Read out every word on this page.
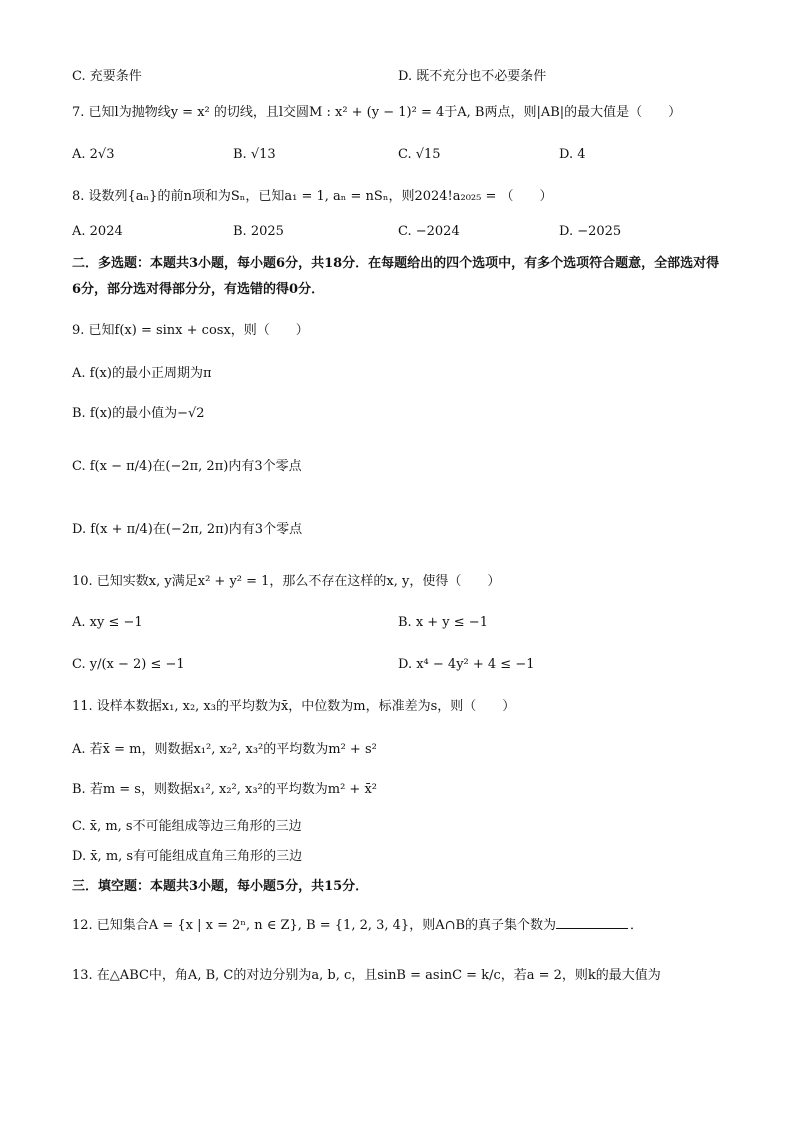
C. 充要条件	D. 既不充分也不必要条件
7. 已知l为抛物线y = x² 的切线，且l交圆M : x² + (y − 1)² = 4于A, B两点，则|AB|的最大值是（　　）
A. 2√3	B. √13	C. √15	D. 4
8. 设数列{aₙ}的前n项和为Sₙ，已知a₁ = 1, aₙ = nSₙ，则2024!a₂₀₂₅ = （　　）
A. 2024	B. 2025	C. −2024	D. −2025
二．多选题：本题共3小题，每小题6分，共18分．在每题给出的四个选项中，有多个选项符合题意，全部选对得6分，部分选对得部分分，有选错的得0分．
9. 已知f(x) = sinx + cosx，则（　　）
A. f(x)的最小正周期为π
B. f(x)的最小值为−√2
C. f(x − π/4)在(−2π, 2π)内有3个零点
D. f(x + π/4)在(−2π, 2π)内有3个零点
10. 已知实数x, y满足x² + y² = 1，那么不存在这样的x, y，使得（　　）
A. xy ≤ −1	B. x + y ≤ −1
C. y/(x − 2) ≤ −1	D. x⁴ − 4y² + 4 ≤ −1
11. 设样本数据x₁, x₂, x₃的平均数为x̄，中位数为m，标准差为s，则（　　）
A. 若x̄ = m，则数据x₁², x₂², x₃²的平均数为m² + s²
B. 若m = s，则数据x₁², x₂², x₃²的平均数为m² + x̄²
C. x̄, m, s不可能组成等边三角形的三边
D. x̄, m, s有可能组成直角三角形的三边
三．填空题：本题共3小题，每小题5分，共15分．
12. 已知集合A = {x | x = 2ⁿ, n ∈ Z}, B = {1, 2, 3, 4}，则A∩B的真子集个数为	．
13. 在△ABC中，角A, B, C的对边分别为a, b, c，且sinB = asinC = k/c，若a = 2，则k的最大值为
